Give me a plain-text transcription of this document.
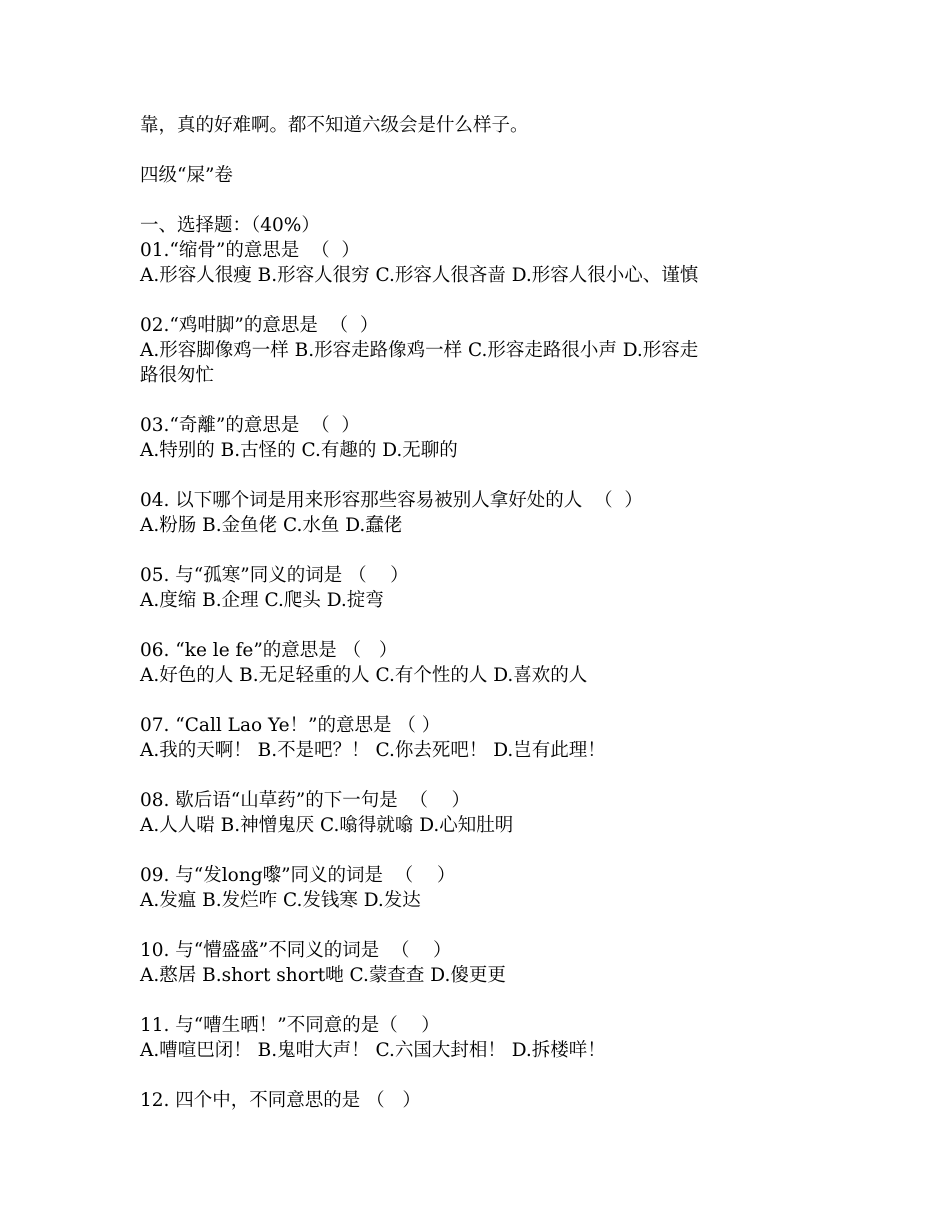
靠，真的好难啊。都不知道六级会是什么样子。
四级“屎”卷
一、选择题：（40%）
01.“缩骨”的意思是  （  ）
A.形容人很瘦 B.形容人很穷 C.形容人很吝啬 D.形容人很小心、谨慎
02.“鸡咁脚”的意思是  （  ）
A.形容脚像鸡一样 B.形容走路像鸡一样 C.形容走路很小声 D.形容走
路很匆忙
03.“奇離”的意思是  （  ）
A.特别的 B.古怪的 C.有趣的 D.无聊的
04. 以下哪个词是用来形容那些容易被别人拿好处的人  （  ）
A.粉肠 B.金鱼佬 C.水鱼 D.蠢佬
05. 与“孤寒”同义的词是 （    ）
A.度缩 B.企理 C.爬头 D.掟弯
06. “ke le fe”的意思是 （   ）
A.好色的人 B.无足轻重的人 C.有个性的人 D.喜欢的人
07. “Call Lao Ye！”的意思是 （ ）
A.我的天啊！ B.不是吧？！ C.你去死吧！ D.岂有此理！
08. 歇后语“山草药”的下一句是  （    ）
A.人人啱 B.神憎鬼厌 C.噏得就噏 D.心知肚明
09. 与“发long嚟”同义的词是  （    ）
A.发瘟 B.发烂咋 C.发钱寒 D.发达
10. 与“懵盛盛”不同义的词是  （    ）
A.憨居 B.short short哋 C.蒙查查 D.傻更更
11. 与“嘈生晒！”不同意的是（    ）
A.嘈喧巴闭！ B.鬼咁大声！ C.六国大封相！ D.拆楼咩！
12. 四个中，不同意思的是 （   ）
